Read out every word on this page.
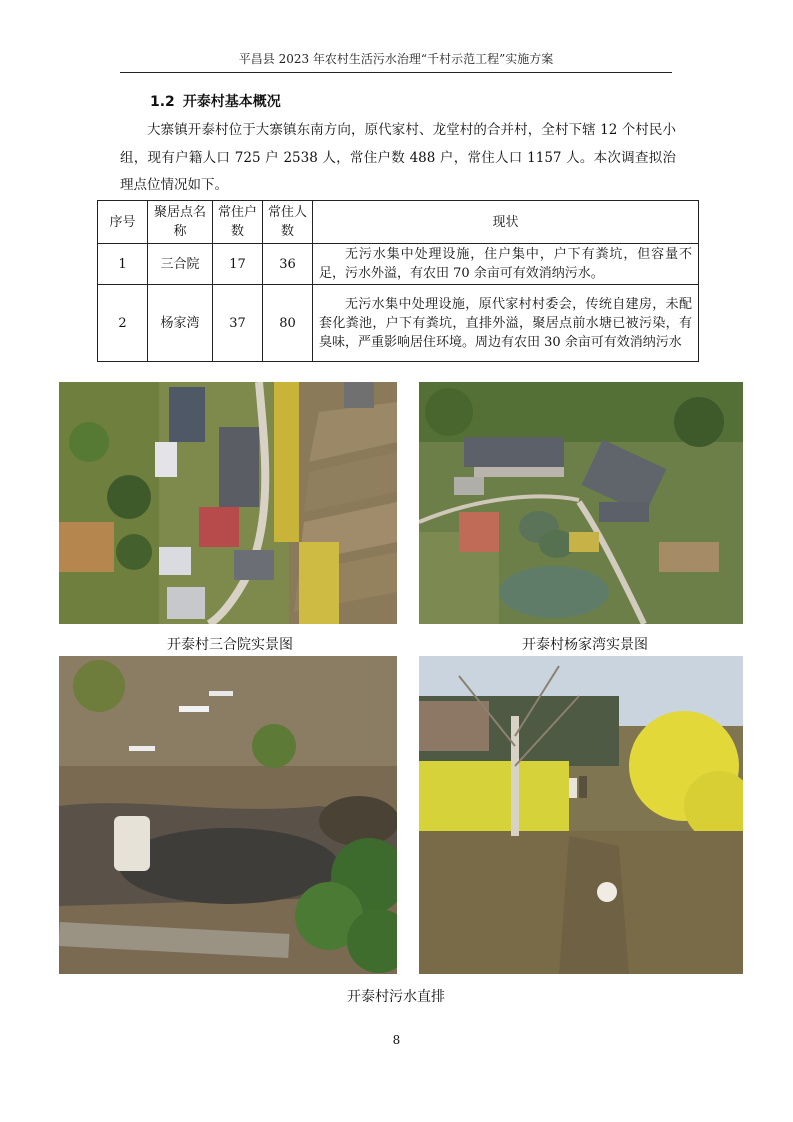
平昌县 2023 年农村生活污水治理“千村示范工程”实施方案
1.2 开泰村基本概况
大寨镇开泰村位于大寨镇东南方向，原代家村、龙堂村的合并村，全村下辖 12 个村民小组，现有户籍人口 725 户 2538 人，常住户数 488 户，常住人口 1157 人。本次调查拟治理点位情况如下。
序号	聚居点名称	常住户数	常住人数	现状
1	三合院	17	36	无污水集中处理设施，住户集中，户下有粪坑，但容量不足，污水外溢，有农田 70 余亩可有效消纳污水。
2	杨家湾	37	80	无污水集中处理设施，原代家村村委会，传统自建房，未配套化粪池，户下有粪坑，直排外溢，聚居点前水塘已被污染，有臭味，严重影响居住环境。周边有农田 30 余亩可有效消纳污水
开泰村三合院实景图	开泰村杨家湾实景图
开泰村污水直排
8
